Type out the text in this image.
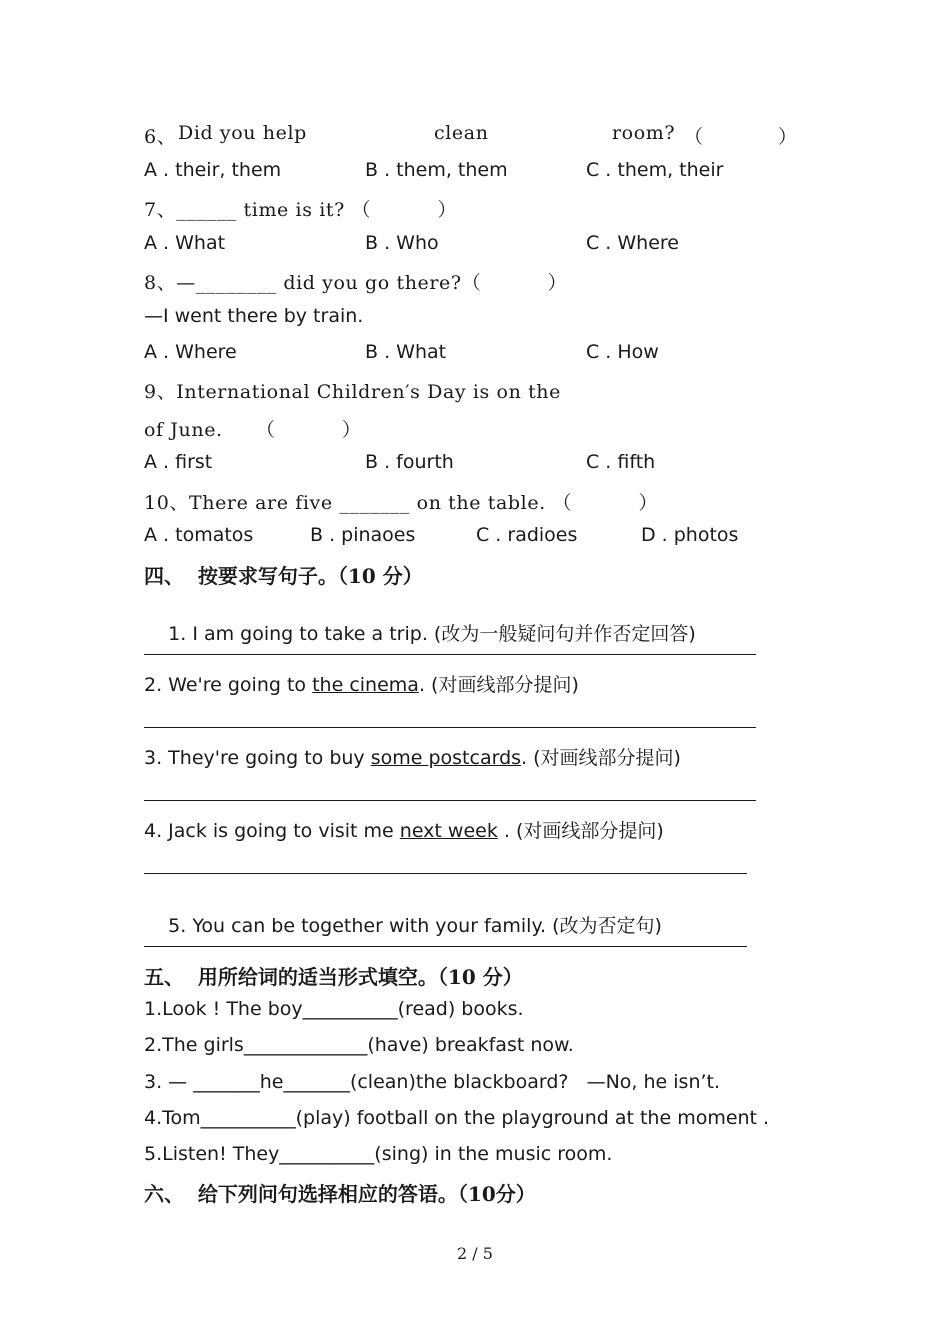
6、 Did you help	clean	room? （	）
A . their, them	B . them, them	C . them, their
7、______ time is it? （          ）
A . What	B . Who	C . Where
8、—________ did you go there?（          ）
—I went there by train.
A . Where	B . What	C . How
9、International Children′s Day is on the
of June.     （          ）
A . first	B . fourth	C . fifth
10、There are five _______ on the table. （          ）
A . tomatos	B . pinaoes	C . radioes	D . photos
四、  按要求写句子。（10 分）

1. I am going to take a trip. (改为一般疑问句并作否定回答)

2. We're going to the cinema. (对画线部分提问)
3. They're going to buy some postcards. (对画线部分提问)
4. Jack is going to visit me next week . (对画线部分提问)

5. You can be together with your family. (改为否定句)

五、  用所给词的适当形式填空。（10 分）
1.Look ! The boy__________(read) books.
2.The girls_____________(have) breakfast now.
3. — _______he_______(clean)the blackboard?   —No, he isn’t.
4.Tom__________(play) football on the playground at the moment .
5.Listen! They__________(sing) in the music room.
六、  给下列问句选择相应的答语。（10分）
2 / 5
